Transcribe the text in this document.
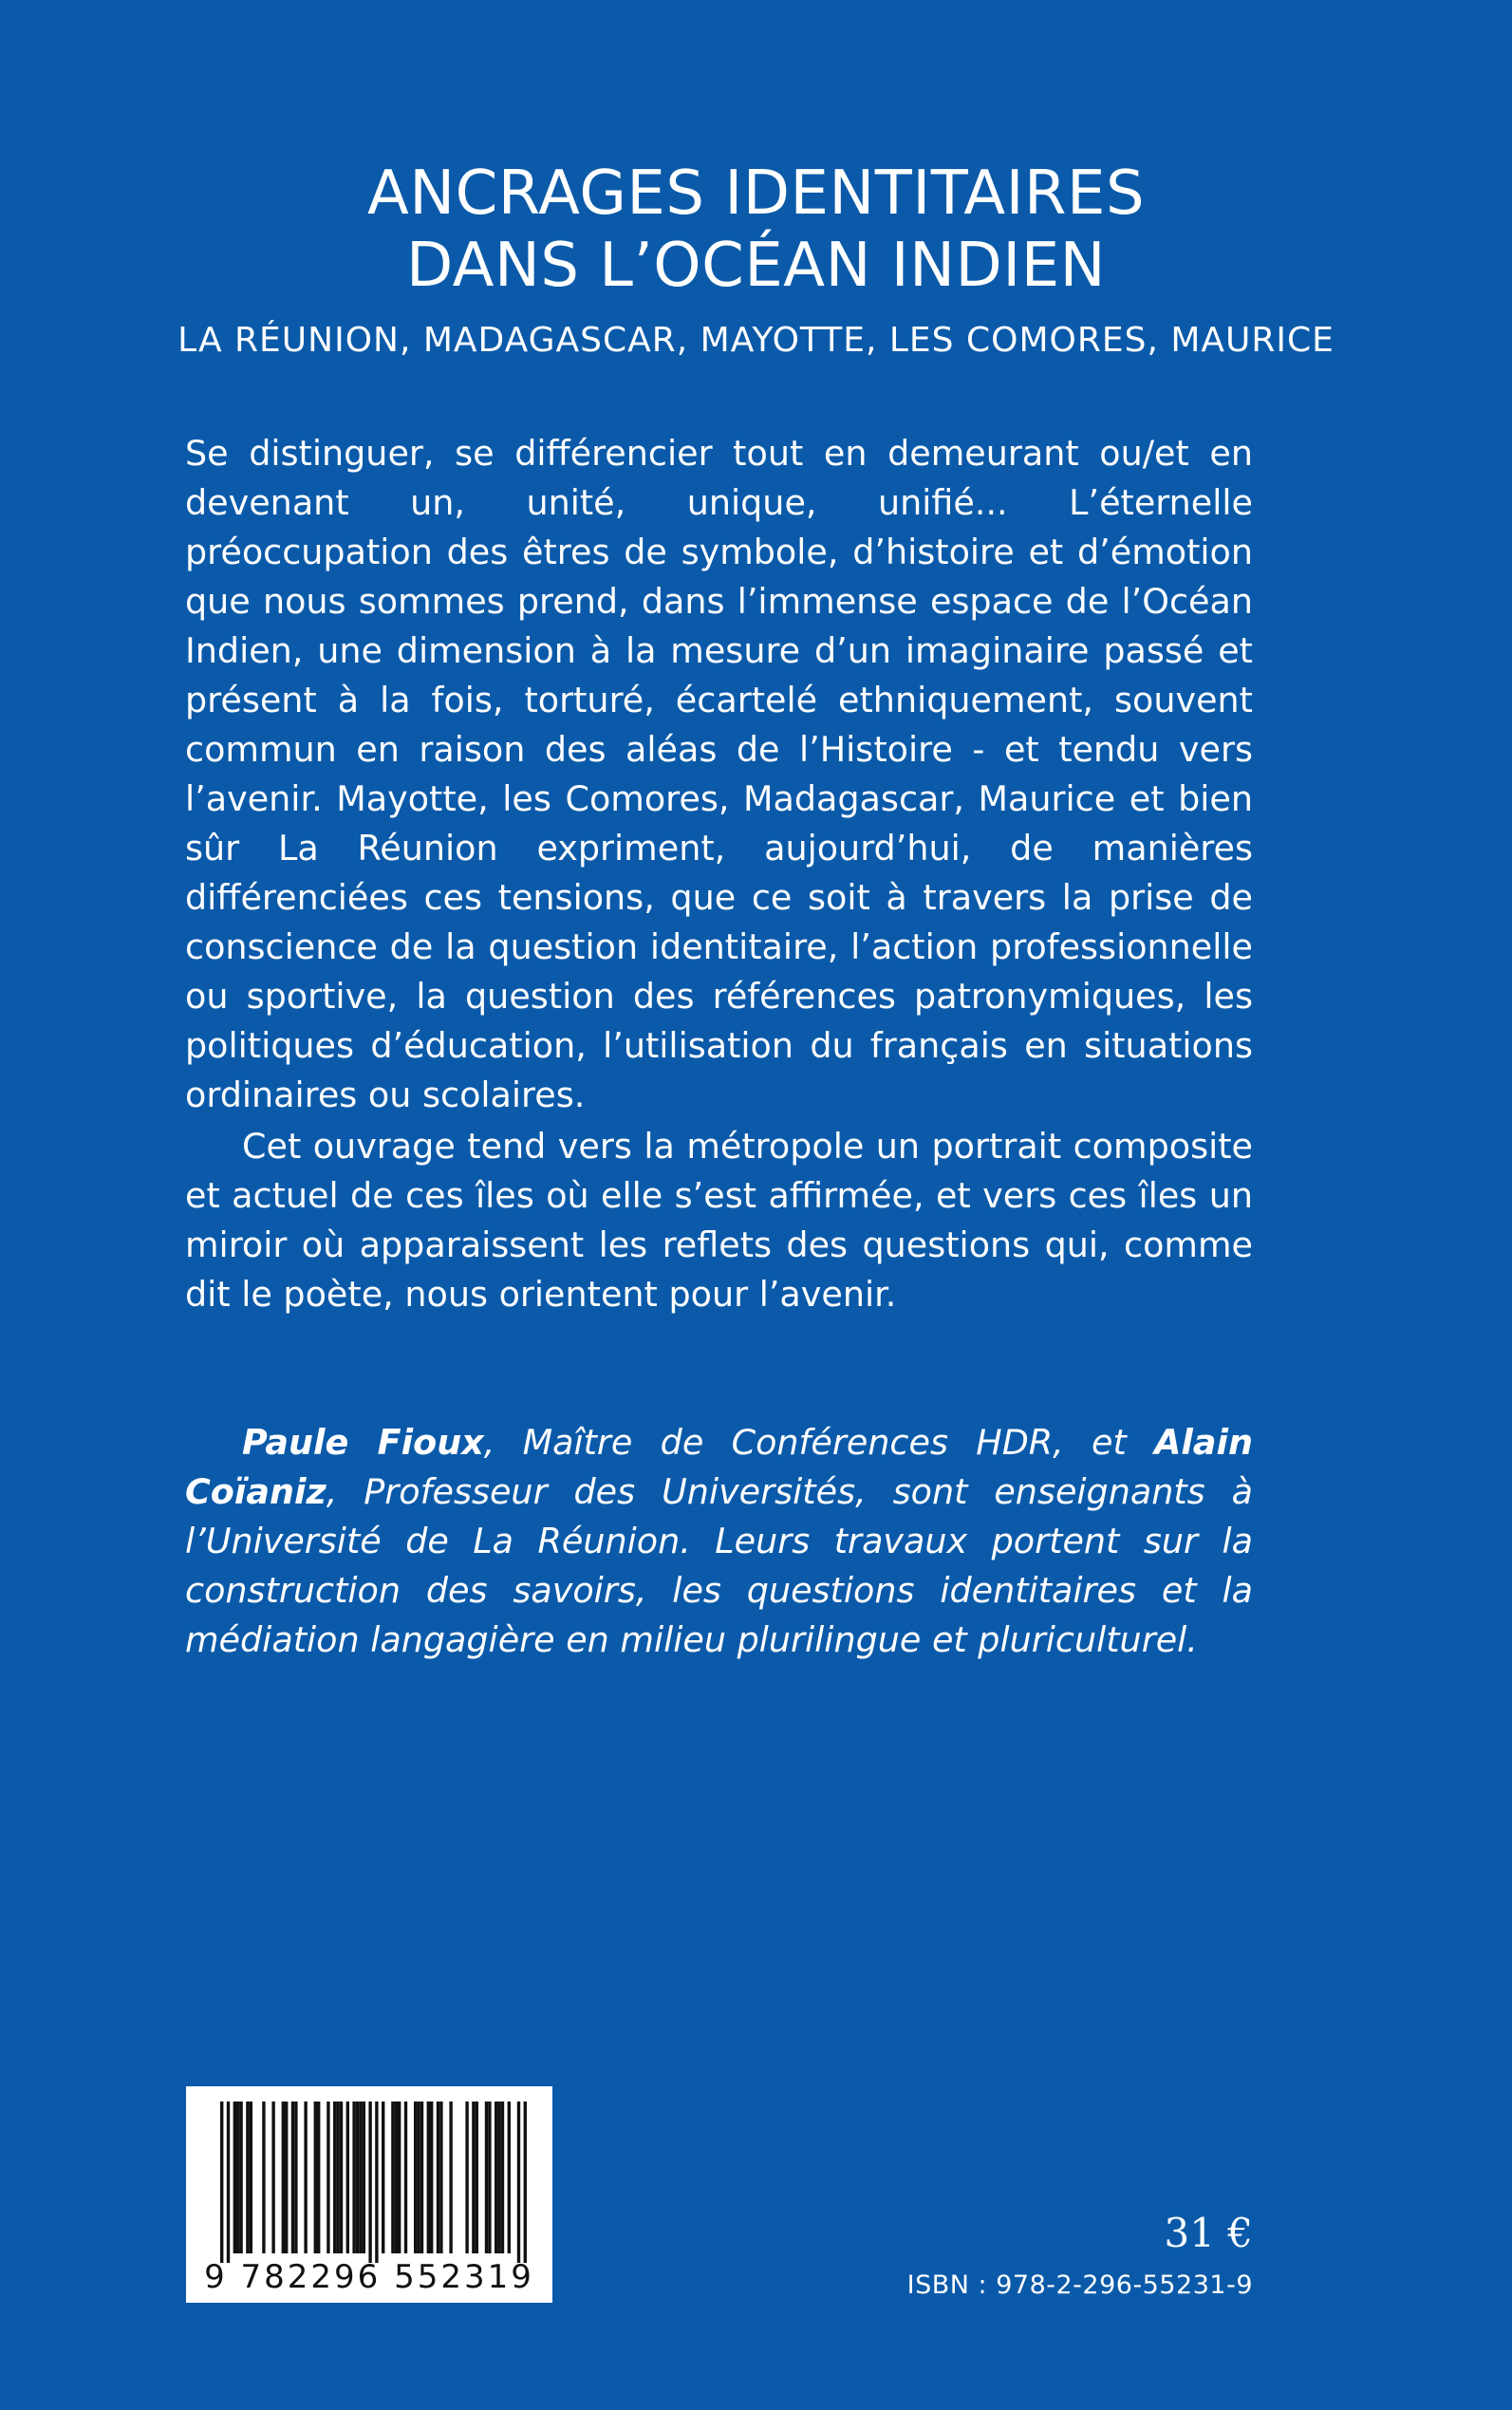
ANCRAGES IDENTITAIRES
DANS L’OCÉAN INDIEN
LA RÉUNION, MADAGASCAR, MAYOTTE, LES COMORES, MAURICE

Se distinguer, se différencier tout en demeurant ou/et en devenant un, unité, unique, unifié... L’éternelle préoccupation des êtres de symbole, d’histoire et d’émotion que nous sommes prend, dans l’immense espace de l’Océan Indien, une dimension à la mesure d’un imaginaire passé et présent à la fois, torturé, écartelé ethniquement, souvent commun en raison des aléas de l’Histoire - et tendu vers l’avenir. Mayotte, les Comores, Madagascar, Maurice et bien sûr La Réunion expriment, aujourd’hui, de manières différenciées ces tensions, que ce soit à travers la prise de conscience de la question identitaire, l’action professionnelle ou sportive, la question des références patronymiques, les politiques d’éducation, l’utilisation du français en situations ordinaires ou scolaires.

Cet ouvrage tend vers la métropole un portrait composite et actuel de ces îles où elle s’est affirmée, et vers ces îles un miroir où apparaissent les reflets des questions qui, comme dit le poète, nous orientent pour l’avenir.

Paule Fioux, Maître de Conférences HDR, et Alain Coïaniz, Professeur des Universités, sont enseignants à l’Université de La Réunion. Leurs travaux portent sur la construction des savoirs, les questions identitaires et la médiation langagière en milieu plurilingue et pluriculturel.
9 782296 552319
31 €
ISBN : 978-2-296-55231-9
